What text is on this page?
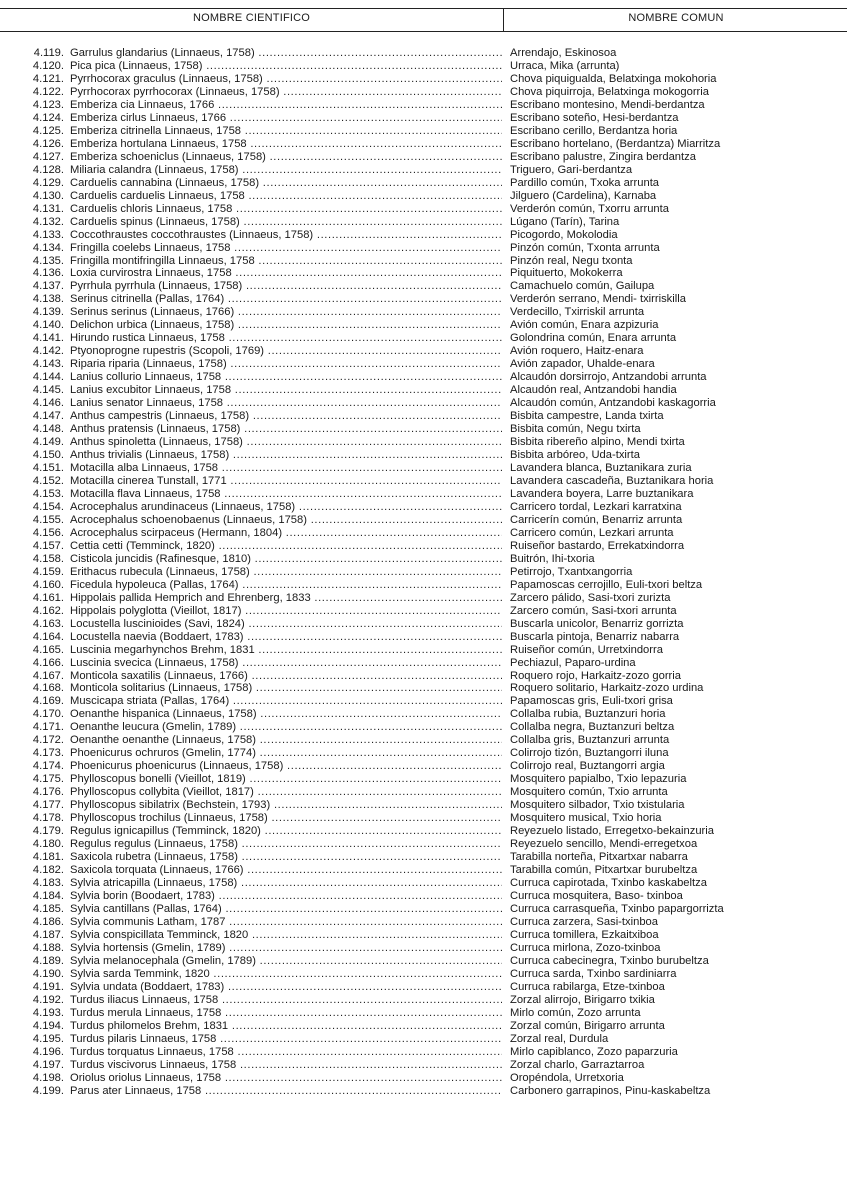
NOMBRE CIENTIFICO	NOMBRE COMUN
4.119. Garrulus glandarius (Linnaeus, 1758) .....	Arrendajo, Eskinosoa
4.120. Pica pica (Linnaeus, 1758) .....	Urraca, Mika (arrunta)
4.121. Pyrrhocorax graculus (Linnaeus, 1758) .....	Chova piquigualda, Belatxinga mokohoria
4.122. Pyrrhocorax pyrrhocorax (Linnaeus, 1758) .....	Chova piquirroja, Belatxinga mokogorria
4.123. Emberiza cia Linnaeus, 1766 .....	Escribano montesino, Mendi-berdantza
4.124. Emberiza cirlus Linnaeus, 1766 .....	Escribano soteño, Hesi-berdantza
4.125. Emberiza citrinella Linnaeus, 1758 .....	Escribano cerillo, Berdantza horia
4.126. Emberiza hortulana Linnaeus, 1758 .....	Escribano hortelano, (Berdantza) Miarritza
4.127. Emberiza schoeniclus (Linnaeus, 1758) .....	Escribano palustre, Zingira berdantza
4.128. Miliaria calandra (Linnaeus, 1758) .....	Triguero, Gari-berdantza
4.129. Carduelis cannabina (Linnaeus, 1758) .....	Pardillo común, Txoka arrunta
4.130. Carduelis carduelis Linnaeus, 1758 .....	Jilguero (Cardelina), Karnaba
4.131. Carduelis chloris Linnaeus, 1758 .....	Verderón común, Txorru arrunta
4.132. Carduelis spinus (Linnaeus, 1758) .....	Lúgano (Tarín), Tarina
4.133. Coccothraustes coccothraustes (Linnaeus, 1758) .....	Picogordo, Mokolodia
4.134. Fringilla coelebs Linnaeus, 1758 .....	Pinzón común, Txonta arrunta
4.135. Fringilla montifringilla Linnaeus, 1758 .....	Pinzón real, Negu txonta
4.136. Loxia curvirostra Linnaeus, 1758 .....	Piquituerto, Mokokerra
4.137. Pyrrhula pyrrhula (Linnaeus, 1758) .....	Camachuelo común, Gailupa
4.138. Serinus citrinella (Pallas, 1764) .....	Verderón serrano, Mendi- txirriskilla
4.139. Serinus serinus (Linnaeus, 1766) .....	Verdecillo, Txirriskil arrunta
4.140. Delichon urbica (Linnaeus, 1758) .....	Avión común, Enara azpizuria
4.141. Hirundo rustica Linnaeus, 1758 .....	Golondrina común, Enara arrunta
4.142. Ptyonoprogne rupestris (Scopoli, 1769) .....	Avión roquero, Haitz-enara
4.143. Riparia riparia (Linnaeus, 1758) .....	Avión zapador, Uhalde-enara
4.144. Lanius collurio Linnaeus, 1758 .....	Alcaudón dorsirrojo, Antzandobi arrunta
4.145. Lanius excubitor Linnaeus, 1758 .....	Alcaudón real, Antzandobi handia
4.146. Lanius senator Linnaeus, 1758 .....	Alcaudón común, Antzandobi kaskagorria
4.147. Anthus campestris (Linnaeus, 1758) .....	Bisbita campestre, Landa txirta
4.148. Anthus pratensis (Linnaeus, 1758) .....	Bisbita común, Negu txirta
4.149. Anthus spinoletta (Linnaeus, 1758) .....	Bisbita ribereño alpino, Mendi txirta
4.150. Anthus trivialis (Linnaeus, 1758) .....	Bisbita arbóreo, Uda-txirta
4.151. Motacilla alba Linnaeus, 1758 .....	Lavandera blanca, Buztanikara zuria
4.152. Motacilla cinerea Tunstall, 1771 .....	Lavandera cascadeña, Buztanikara horia
4.153. Motacilla flava Linnaeus, 1758 .....	Lavandera boyera, Larre buztanikara
4.154. Acrocephalus arundinaceus (Linnaeus, 1758) .....	Carricero tordal, Lezkari karratxina
4.155. Acrocephalus schoenobaenus (Linnaeus, 1758) .....	Carricerín común, Benarriz arrunta
4.156. Acrocephalus scirpaceus (Hermann, 1804) .....	Carricero común, Lezkari arrunta
4.157. Cettia cetti (Temminck, 1820) .....	Ruiseñor bastardo, Errekatxindorra
4.158. Cisticola juncidis (Rafinesque, 1810) .....	Buitrón, Ihi-txoria
4.159. Erithacus rubecula (Linnaeus, 1758) .....	Petirrojo, Txantxangorria
4.160. Ficedula hypoleuca (Pallas, 1764) .....	Papamoscas cerrojillo, Euli-txori beltza
4.161. Hippolais pallida Hemprich and Ehrenberg, 1833 .....	Zarcero pálido, Sasi-txori zurizta
4.162. Hippolais polyglotta (Vieillot, 1817) .....	Zarcero común, Sasi-txori arrunta
4.163. Locustella luscinioides (Savi, 1824) .....	Buscarla unicolor, Benarriz gorrizta
4.164. Locustella naevia (Boddaert, 1783) .....	Buscarla pintoja, Benarriz nabarra
4.165. Luscinia megarhynchos Brehm, 1831 .....	Ruiseñor común, Urretxindorra
4.166. Luscinia svecica (Linnaeus, 1758) .....	Pechiazul, Paparo-urdina
4.167. Monticola saxatilis (Linnaeus, 1766) .....	Roquero rojo, Harkaitz-zozo gorria
4.168. Monticola solitarius (Linnaeus, 1758) .....	Roquero solitario, Harkaitz-zozo urdina
4.169. Muscicapa striata (Pallas, 1764) .....	Papamoscas gris, Euli-txori grisa
4.170. Oenanthe hispanica (Linnaeus, 1758) .....	Collalba rubia, Buztanzuri horia
4.171. Oenanthe leucura (Gmelin, 1789) .....	Collalba negra, Buztanzuri beltza
4.172. Oenanthe oenanthe (Linnaeus, 1758) .....	Collalba gris, Buztanzuri arrunta
4.173. Phoenicurus ochruros (Gmelin, 1774) .....	Colirrojo tizón, Buztangorri iluna
4.174. Phoenicurus phoenicurus (Linnaeus, 1758) .....	Colirrojo real, Buztangorri argia
4.175. Phylloscopus bonelli (Vieillot, 1819) .....	Mosquitero papialbo, Txio lepazuria
4.176. Phylloscopus collybita (Vieillot, 1817) .....	Mosquitero común, Txio arrunta
4.177. Phylloscopus sibilatrix (Bechstein, 1793) .....	Mosquitero silbador, Txio txistularia
4.178. Phylloscopus trochilus (Linnaeus, 1758) .....	Mosquitero musical, Txio horia
4.179. Regulus ignicapillus (Temminck, 1820) .....	Reyezuelo listado, Erregetxo-bekainzuria
4.180. Regulus regulus (Linnaeus, 1758) .....	Reyezuelo sencillo, Mendi-erregetxoa
4.181. Saxicola rubetra (Linnaeus, 1758) .....	Tarabilla norteña, Pitxartxar nabarra
4.182. Saxicola torquata (Linnaeus, 1766) .....	Tarabilla común, Pitxartxar burubeltza
4.183. Sylvia atricapilla (Linnaeus, 1758) .....	Curruca capirotada, Txinbo kaskabeltza
4.184. Sylvia borin (Boodaert, 1783) .....	Curruca mosquitera, Baso- txinboa
4.185. Sylvia cantillans (Pallas, 1764) .....	Curruca carrasqueña, Txinbo papargorrizta
4.186. Sylvia communis Latham, 1787 .....	Curruca zarzera, Sasi-txinboa
4.187. Sylvia conspicillata Temminck, 1820 .....	Curruca tomillera, Ezkaitxiboa
4.188. Sylvia hortensis (Gmelin, 1789) .....	Curruca mirlona, Zozo-txinboa
4.189. Sylvia melanocephala (Gmelin, 1789) .....	Curruca cabecinegra, Txinbo burubeltza
4.190. Sylvia sarda Temmink, 1820 .....	Curruca sarda, Txinbo sardiniarra
4.191. Sylvia undata (Boddaert, 1783) .....	Curruca rabilarga, Etze-txinboa
4.192. Turdus iliacus Linnaeus, 1758 .....	Zorzal alirrojo, Birigarro txikia
4.193. Turdus merula Linnaeus, 1758 .....	Mirlo común, Zozo arrunta
4.194. Turdus philomelos Brehm, 1831 .....	Zorzal común, Birigarro arrunta
4.195. Turdus pilaris Linnaeus, 1758 .....	Zorzal real, Durdula
4.196. Turdus torquatus Linnaeus, 1758 .....	Mirlo capiblanco, Zozo paparzuria
4.197. Turdus viscivorus Linnaeus, 1758 .....	Zorzal charlo, Garraztarroa
4.198. Oriolus oriolus Linnaeus, 1758 .....	Oropéndola, Urretxoria
4.199. Parus ater Linnaeus, 1758 .....	Carbonero garrapinos, Pinu-kaskabeltza
